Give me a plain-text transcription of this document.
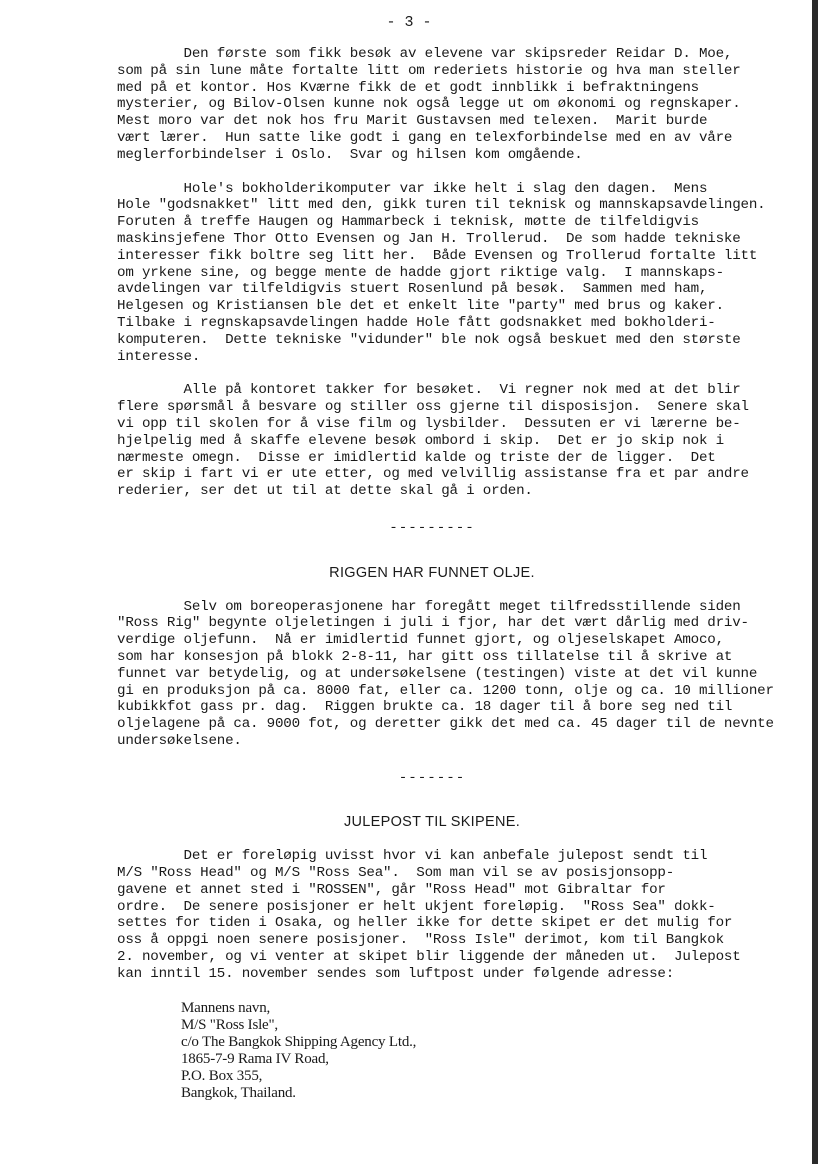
- 3 -
Den første som fikk besøk av elevene var skipsreder Reidar D. Moe,
som på sin lune måte fortalte litt om rederiets historie og hva man steller
med på et kontor. Hos Kværne fikk de et godt innblikk i befraktningens
mysterier, og Bilov-Olsen kunne nok også legge ut om økonomi og regnskaper.
Mest moro var det nok hos fru Marit Gustavsen med telexen.  Marit burde
vært lærer.  Hun satte like godt i gang en telexforbindelse med en av våre
meglerforbindelser i Oslo.  Svar og hilsen kom omgående.
Hole's bokholderikomputer var ikke helt i slag den dagen.  Mens
Hole "godsnakket" litt med den, gikk turen til teknisk og mannskapsavdelingen.
Foruten å treffe Haugen og Hammarbeck i teknisk, møtte de tilfeldigvis
maskinsjefene Thor Otto Evensen og Jan H. Trollerud.  De som hadde tekniske
interesser fikk boltre seg litt her.  Både Evensen og Trollerud fortalte litt
om yrkene sine, og begge mente de hadde gjort riktige valg.  I mannskaps-
avdelingen var tilfeldigvis stuert Rosenlund på besøk.  Sammen med ham,
Helgesen og Kristiansen ble det et enkelt lite "party" med brus og kaker.
Tilbake i regnskapsavdelingen hadde Hole fått godsnakket med bokholderi-
komputeren.  Dette tekniske "vidunder" ble nok også beskuet med den største
interesse.
Alle på kontoret takker for besøket.  Vi regner nok med at det blir
flere spørsmål å besvare og stiller oss gjerne til disposisjon.  Senere skal
vi opp til skolen for å vise film og lysbilder.  Dessuten er vi lærerne be-
hjelpelig med å skaffe elevene besøk ombord i skip.  Det er jo skip nok i
nærmeste omegn.  Disse er imidlertid kalde og triste der de ligger.  Det
er skip i fart vi er ute etter, og med velvillig assistanse fra et par andre
rederier, ser det ut til at dette skal gå i orden.
---------
RIGGEN HAR FUNNET OLJE.
Selv om boreoperasjonene har foregått meget tilfredsstillende siden
"Ross Rig" begynte oljeletingen i juli i fjor, har det vært dårlig med driv-
verdige oljefunn.  Nå er imidlertid funnet gjort, og oljeselskapet Amoco,
som har konsesjon på blokk 2-8-11, har gitt oss tillatelse til å skrive at
funnet var betydelig, og at undersøkelsene (testingen) viste at det vil kunne
gi en produksjon på ca. 8000 fat, eller ca. 1200 tonn, olje og ca. 10 millioner
kubikkfot gass pr. dag.  Riggen brukte ca. 18 dager til å bore seg ned til
oljelagene på ca. 9000 fot, og deretter gikk det med ca. 45 dager til de nevnte
undersøkelsene.
-------
JULEPOST TIL SKIPENE.
Det er foreløpig uvisst hvor vi kan anbefale julepost sendt til
M/S "Ross Head" og M/S "Ross Sea".  Som man vil se av posisjonsopp-
gavene et annet sted i "ROSSEN", går "Ross Head" mot Gibraltar for
ordre.  De senere posisjoner er helt ukjent foreløpig.  "Ross Sea" dokk-
settes for tiden i Osaka, og heller ikke for dette skipet er det mulig for
oss å oppgi noen senere posisjoner.  "Ross Isle" derimot, kom til Bangkok
2. november, og vi venter at skipet blir liggende der måneden ut.  Julepost
kan inntil 15. november sendes som luftpost under følgende adresse:
Mannens navn,
M/S "Ross Isle",
c/o The Bangkok Shipping Agency Ltd.,
1865-7-9 Rama IV Road,
P.O. Box 355,
Bangkok, Thailand.
